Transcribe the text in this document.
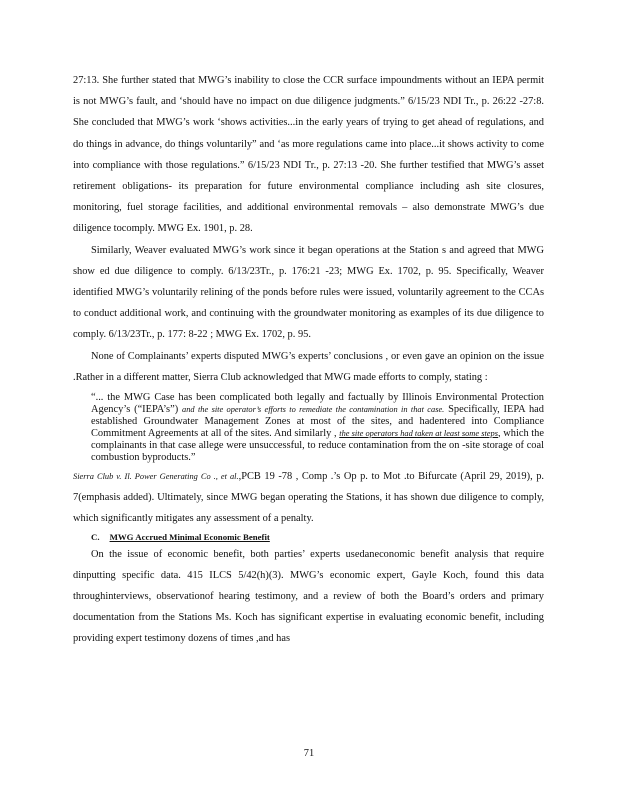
27:13. She further stated that MWG’s inability to close the CCR surface impoundments without an IEPA permit is not MWG’s fault, and ‘should have no impact on due diligence judgments.” 6/15/23 NDI Tr., p. 26:22 -27:8. She concluded that MWG’s work ‘shows activities...in the early years of trying to get ahead of regulations, and do things in advance, do things voluntarily” and ‘as more regulations came into place...it shows activity to come into compliance with those regulations.” 6/15/23 NDI Tr., p. 27:13 -20. She further testified that MWG’s asset retirement obligations- its preparation for future environmental compliance including ash site closures, monitoring, fuel storage facilities, and additional environmental removals – also demonstrate MWG’s due diligence tocomply. MWG Ex. 1901, p. 28.

Similarly, Weaver evaluated MWG’s work since it began operations at the Station s and agreed that MWG show ed due diligence to comply. 6/13/23Tr., p. 176:21 -23; MWG Ex. 1702, p. 95. Specifically, Weaver identified MWG’s voluntarily relining of the ponds before rules were issued, voluntarily agreement to the CCAs to conduct additional work, and continuing with the groundwater monitoring as examples of its due diligence to comply. 6/13/23Tr., p. 177: 8-22 ; MWG Ex. 1702, p. 95.

None of Complainants’ experts disputed MWG’s experts’ conclusions , or even gave an opinion on the issue .Rather in a different matter, Sierra Club acknowledged that MWG made efforts to comply, stating :

“... the MWG Case has been complicated both legally and factually by Illinois Environmental Protection Agency’s (“IEPA’s”) and the site operator’s efforts to remediate the contamination in that case. Specifically, IEPA had established Groundwater Management Zones at most of the sites, and hadentered into Compliance Commitment Agreements at all of the sites. And similarly , the site operators had taken at least some steps, which the complainants in that case allege were unsuccessful, to reduce contamination from the on -site storage of coal combustion byproducts.”

Sierra Club v. Il. Power Generating Co ., et al.,PCB 19 -78 , Comp .’s Op p. to Mot .to Bifurcate (April 29, 2019), p. 7(emphasis added). Ultimately, since MWG began operating the Stations, it has shown due diligence to comply, which significantly mitigates any assessment of a penalty.

C. MWG Accrued Minimal Economic Benefit

On the issue of economic benefit, both parties’ experts usedaneconomic benefit analysis that require dinputting specific data. 415 ILCS 5/42(h)(3). MWG’s economic expert, Gayle Koch, found this data throughinterviews, observationof hearing testimony, and a review of both the Board’s orders and primary documentation from the Stations Ms. Koch has significant expertise in evaluating economic benefit, including providing expert testimony dozens of times ,and has

71
